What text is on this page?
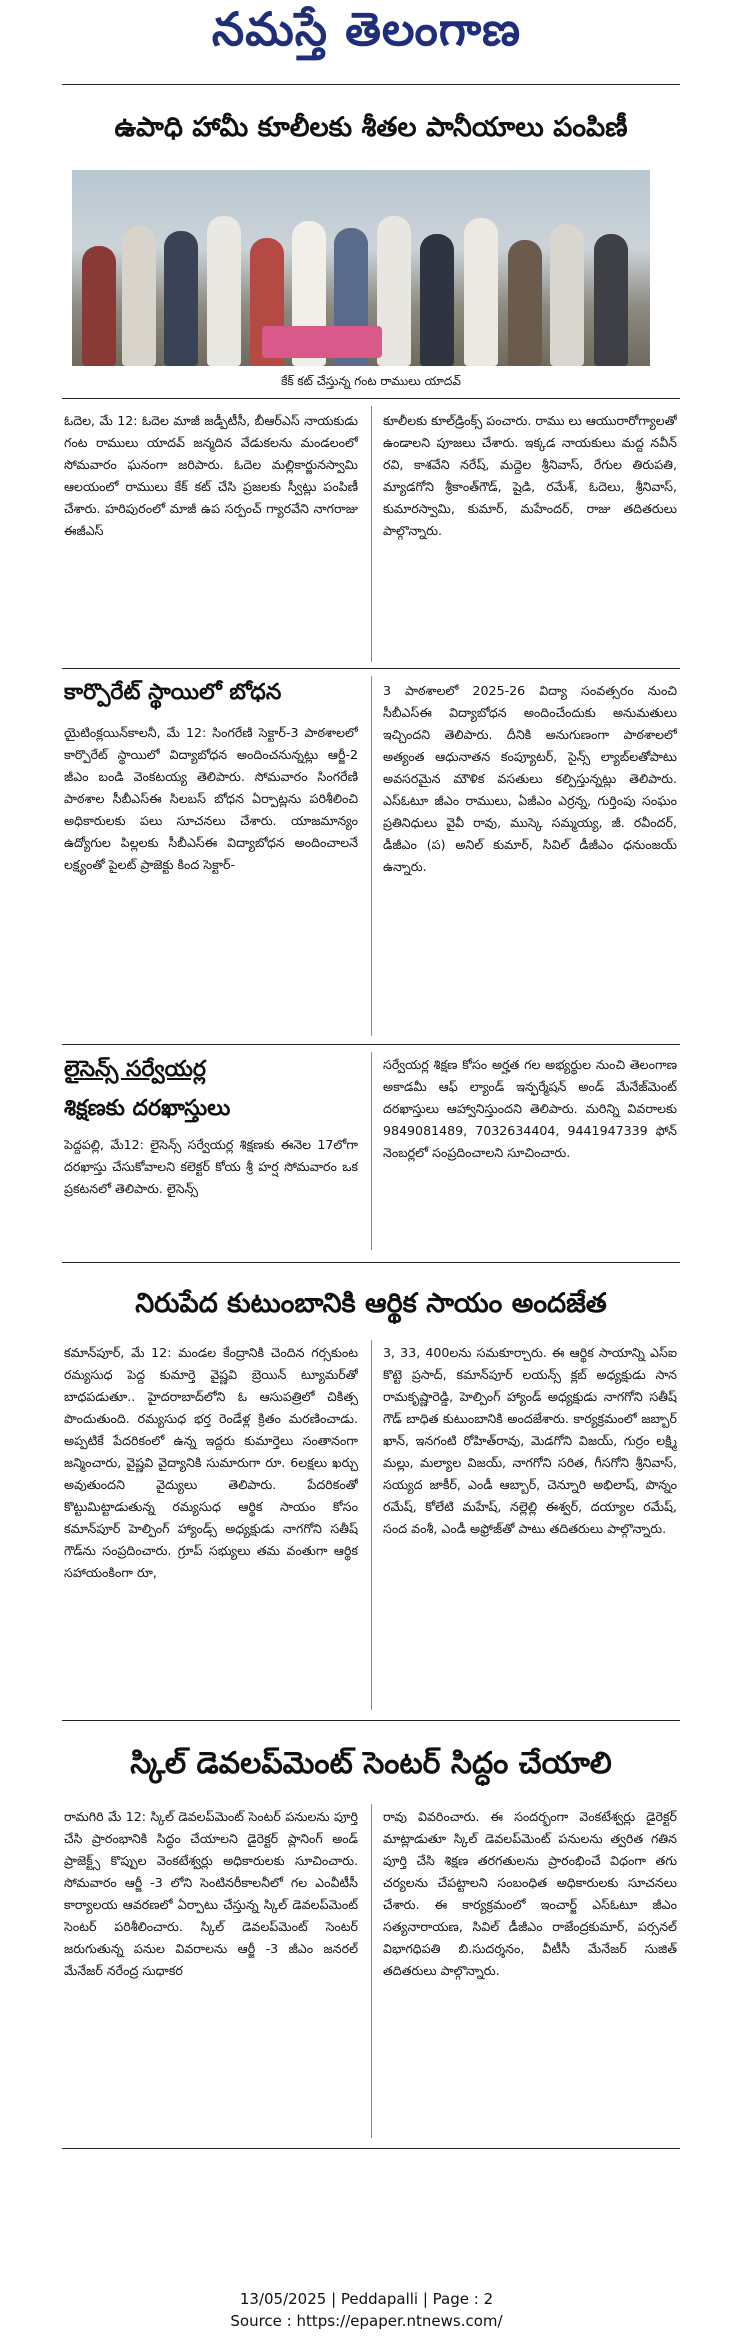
నమస్తే తెలంగాణ
ఉపాధి హామీ కూలీలకు శీతల పానీయాలు పంపిణీ
కేక్ కట్ చేస్తున్న గంట రాములు యాదవ్
ఓదెల, మే 12: ఓదెల మాజీ జడ్పీటీసీ, బీఆర్ఎస్ నాయకుడు గంట రాములు యాదవ్ జన్మదిన వేడుకలను మండలంలో సోమవారం ఘనంగా జరిపారు. ఓదెల మల్లికార్జునస్వామి ఆలయంలో రాములు కేక్ కట్ చేసి ప్రజలకు స్వీట్లు పంపిణీ చేశారు. హరిపురంలో మాజీ ఉప సర్పంచ్ గ్యారవేని నాగరాజు ఈజీఎస్
కూలీలకు కూల్‌డ్రింక్స్ పంచారు. రాము లు ఆయురారోగ్యాలతో ఉండాలని పూజలు చేశారు. ఇక్కడ నాయకులు మద్ద నవీన్ రవి, కాశవేని నరేష్, మద్దెల శ్రీనివాస్, రేగుల తిరుపతి, మ్యాడగోని శ్రీకాంత్‌గౌడ్, షైడి, రమేశ్, ఓదెలు, శ్రీనివాస్, కుమారస్వామి, కుమార్, మహేందర్, రాజు తదితరులు పాల్గొన్నారు.
కార్పొరేట్ స్థాయిలో బోధన
యైటింక్లయిన్‌కాలనీ, మే 12: సింగరేణి సెక్టార్-3 పాఠశాలలో కార్పొరేట్ స్థాయిలో విద్యాబోధన అందించనున్నట్లు ఆర్జీ-2 జీఎం బండి వెంకటయ్య తెలిపారు. సోమవారం సింగరేణి పాఠశాల సీబీఎస్ఈ సిలబస్ బోధన ఏర్పాట్లను పరిశీలించి అధికారులకు పలు సూచనలు చేశారు. యాజమాన్యం ఉద్యోగుల పిల్లలకు సీబీఎస్ఈ విద్యాబోధన అందించాలనే లక్ష్యంతో పైలట్ ప్రాజెక్టు కింద సెక్టార్-
3 పాఠశాలలో 2025-26 విద్యా సంవత్సరం నుంచి సీబీఎస్ఈ విద్యాబోధన అందించేందుకు అనుమతులు ఇచ్చిందని తెలిపారు. దీనికి అనుగుణంగా పాఠశాలలో అత్యంత ఆధునాతన కంప్యూటర్, సైన్స్ ల్యాబ్‌లతోపాటు అవసరమైన మౌళిక వసతులు కల్పిస్తున్నట్లు తెలిపారు. ఎస్ఓటూ జీఎం రాములు, ఏజీఎం ఎర్రన్న, గుర్తింపు సంఘం ప్రతినిధులు వైవీ రావు, ముస్కె సమ్మయ్య, జీ. రవీందర్, డీజీఎం (ప) అనిల్ కుమార్, సివిల్ డీజీఎం ధనుంజయ్ ఉన్నారు.
లైసెన్స్ సర్వేయర్ల
శిక్షణకు దరఖాస్తులు
పెద్దపల్లి, మే12: లైసెన్స్ సర్వేయర్ల శిక్షణకు ఈనెల 17లోగా దరఖాస్తు చేసుకోవాలని కలెక్టర్ కోయ శ్రీ హర్ష సోమవారం ఒక ప్రకటనలో తెలిపారు. లైసెన్స్
సర్వేయర్ల శిక్షణ కోసం అర్హత గల అభ్యర్థుల నుంచి తెలంగాణ అకాడమీ ఆఫ్ ల్యాండ్ ఇన్ఫర్మేషన్ అండ్ మేనేజ్‌మెంట్ దరఖాస్తులు ఆహ్వానిస్తుందని తెలిపారు. మరిన్ని వివరాలకు 9849081489, 7032634404, 9441947339 ఫోన్ నెంబర్లలో సంప్రదించాలని సూచించారు.
నిరుపేద కుటుంబానికి ఆర్థిక సాయం అందజేత
కమాన్‌పూర్, మే 12: మండల కేంద్రానికి చెందిన గర్సకుంట రమ్యసుధ పెద్ద కుమార్తె వైష్ణవి బ్రెయిన్ ట్యూమర్‌తో బాధపడుతూ.. హైదరాబాద్‌లోని ఓ ఆసుపత్రిలో చికిత్స పొందుతుంది. రమ్యసుధ భర్త రెండేళ్ల క్రితం మరణించాడు. అప్పటికే పేదరికంలో ఉన్న ఇద్దరు కుమార్తెలు సంతానంగా జన్మించారు, వైష్ణవి వైద్యానికి సుమారుగా రూ. 6లక్షలు ఖర్చు అవుతుందని వైద్యులు తెలిపారు. పేదరికంతో కొట్టుమిట్టాడుతున్న రమ్యసుధ ఆర్థిక సాయం కోసం కమాన్‌పూర్ హెల్పింగ్ హ్యాండ్స్ అధ్యక్షుడు నాగగోని సతీష్ గౌడ్‌ను సంప్రదించారు. గ్రూప్ సభ్యులు తమ వంతుగా ఆర్థిక సహాయంకింగా రూ,
3, 33, 400లను సమకూర్చారు. ఈ ఆర్థిక సాయాన్ని ఎస్ఐ కొట్టె ప్రసాద్, కమాన్‌పూర్ లయన్స్ క్లబ్ అధ్యక్షుడు సాన రామకృష్ణారెడ్డి, హెల్పింగ్ హ్యాండ్ అధ్యక్షుడు నాగగోని సతీష్ గౌడ్ బాధిత కుటుంబానికి అందజేశారు. కార్యక్రమంలో జబ్బార్ ఖాన్, ఇనగంటి రోహిత్‌రావు, మెడగోని విజయ్, గుర్రం లక్ష్మి మల్లు, మల్యాల విజయ్, నాగగోని సరిత, గీసగోని శ్రీనివాస్, సయ్యద జాకీర్, ఎండీ ఆబ్బార్, చెన్నూరి అభిలాష్, పొన్నం రమేష్, కోలేటి మహేష్, నల్లెల్లి ఈశ్వర్, దయ్యాల రమేష్, సంద వంశీ, ఎండీ అఫ్రోజ్‌తో పాటు తదితరులు పాల్గొన్నారు.
స్కిల్ డెవలప్‌మెంట్ సెంటర్ సిద్ధం చేయాలి
రామగిరి మే 12: స్కిల్ డెవలప్‌మెంట్ సెంటర్ పనులను పూర్తి చేసి ప్రారంభానికి సిద్ధం చేయాలని డైరెక్టర్ ప్లానింగ్ అండ్ ప్రాజెక్ట్స్ కొప్పుల వెంకటేశ్వర్లు అధికారులకు సూచించారు. సోమవారం ఆర్జీ -3 లోని సెంటినరీకాలనీలో గల ఎంవీటీసీ కార్యాలయ ఆవరణలో ఏర్పాటు చేస్తున్న స్కిల్ డెవలప్‌మెంట్ సెంటర్ పరిశీలించారు. స్కిల్ డెవలప్‌మెంట్ సెంటర్ జరుగుతున్న పనుల వివరాలను ఆర్జీ -3 జీఎం జనరల్ మేనేజర్ నరేంద్ర సుధాకర
రావు వివరించారు. ఈ సందర్భంగా వెంకటేశ్వర్లు డైరెక్టర్ మాట్లాడుతూ స్కిల్ డెవలప్‌మెంట్ పనులను త్వరిత గతిన పూర్తి చేసి శిక్షణ తరగతులను ప్రారంభించే విధంగా తగు చర్యలను చేపట్టాలని సంబంధిత అధికారులకు సూచనలు చేశారు. ఈ కార్యక్రమంలో ఇంచార్జ్ ఎస్ఓటూ జీఎం సత్యనారాయణ, సివిల్ డీజీఎం రాజేంద్రకుమార్, పర్సనల్ విభాగధిపతి బి.సుదర్శనం, వీటీసీ మేనేజర్ సుజిత్ తదితరులు పాల్గొన్నారు.
13/05/2025 | Peddapalli | Page : 2
Source : https://epaper.ntnews.com/
